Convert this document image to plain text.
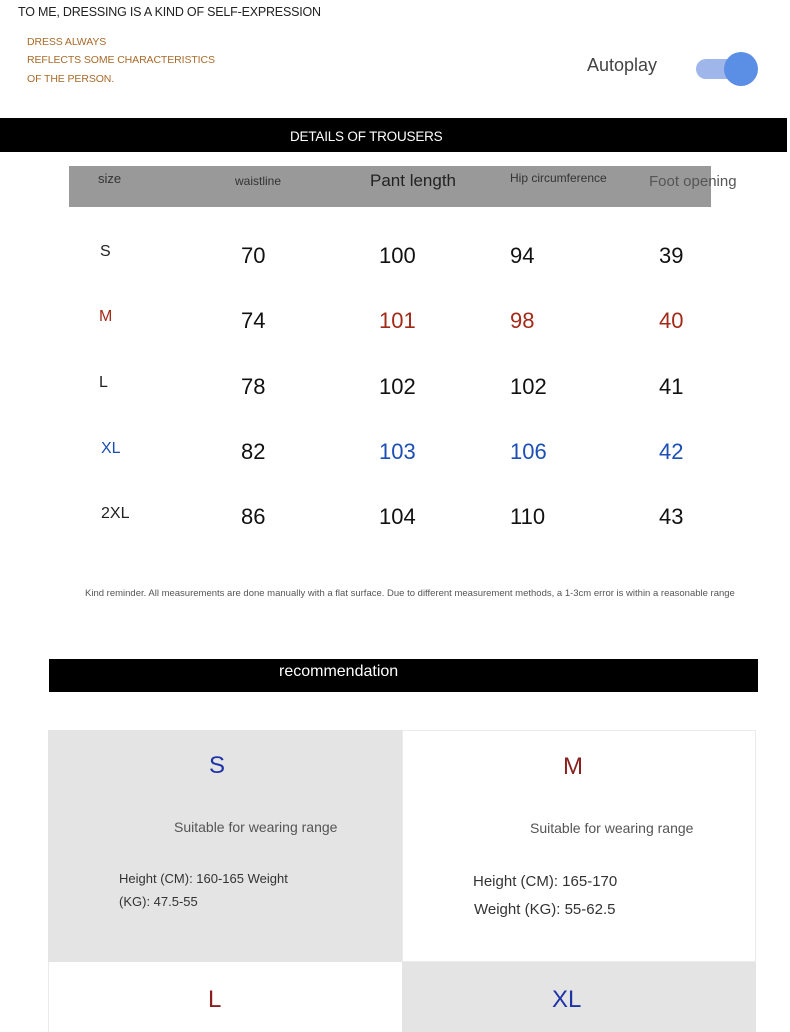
TO ME, DRESSING IS A KIND OF SELF-EXPRESSION
DRESS ALWAYS
REFLECTS SOME CHARACTERISTICS
OF THE PERSON.
Autoplay
DETAILS OF TROUSERS
size	waistline	Pant length	Hip circumference	Foot opening
S	70	100	94	39
M	74	101	98	40
L	78	102	102	41
XL	82	103	106	42
2XL	86	104	110	43
Kind reminder. All measurements are done manually with a flat surface. Due to different measurement methods, a 1-3cm error is within a reasonable range
recommendation
S
Suitable for wearing range
Height (CM): 160-165 Weight
(KG): 47.5-55
M
Suitable for wearing range
Height (CM): 165-170
Weight (KG): 55-62.5
L	XL
